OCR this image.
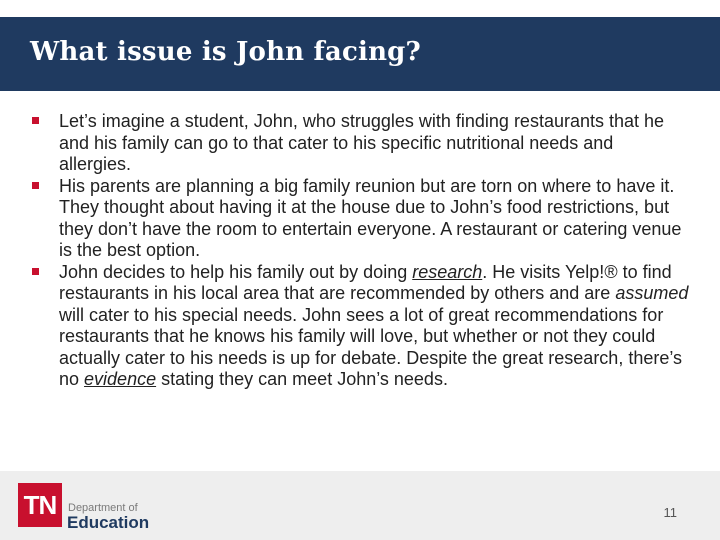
What issue is John facing?
Let’s imagine a student, John, who struggles with finding restaurants that he and his family can go to that cater to his specific nutritional needs and allergies.
His parents are planning a big family reunion but are torn on where to have it. They thought about having it at the house due to John’s food restrictions, but they don’t have the room to entertain everyone. A restaurant or catering venue is the best option.
John decides to help his family out by doing research. He visits Yelp!® to find restaurants in his local area that are recommended by others and are assumed will cater to his special needs. John sees a lot of great recommendations for restaurants that he knows his family will love, but whether or not they could actually cater to his needs is up for debate. Despite the great research, there’s no evidence stating they can meet John’s needs.
TN	Department of
Education
11
